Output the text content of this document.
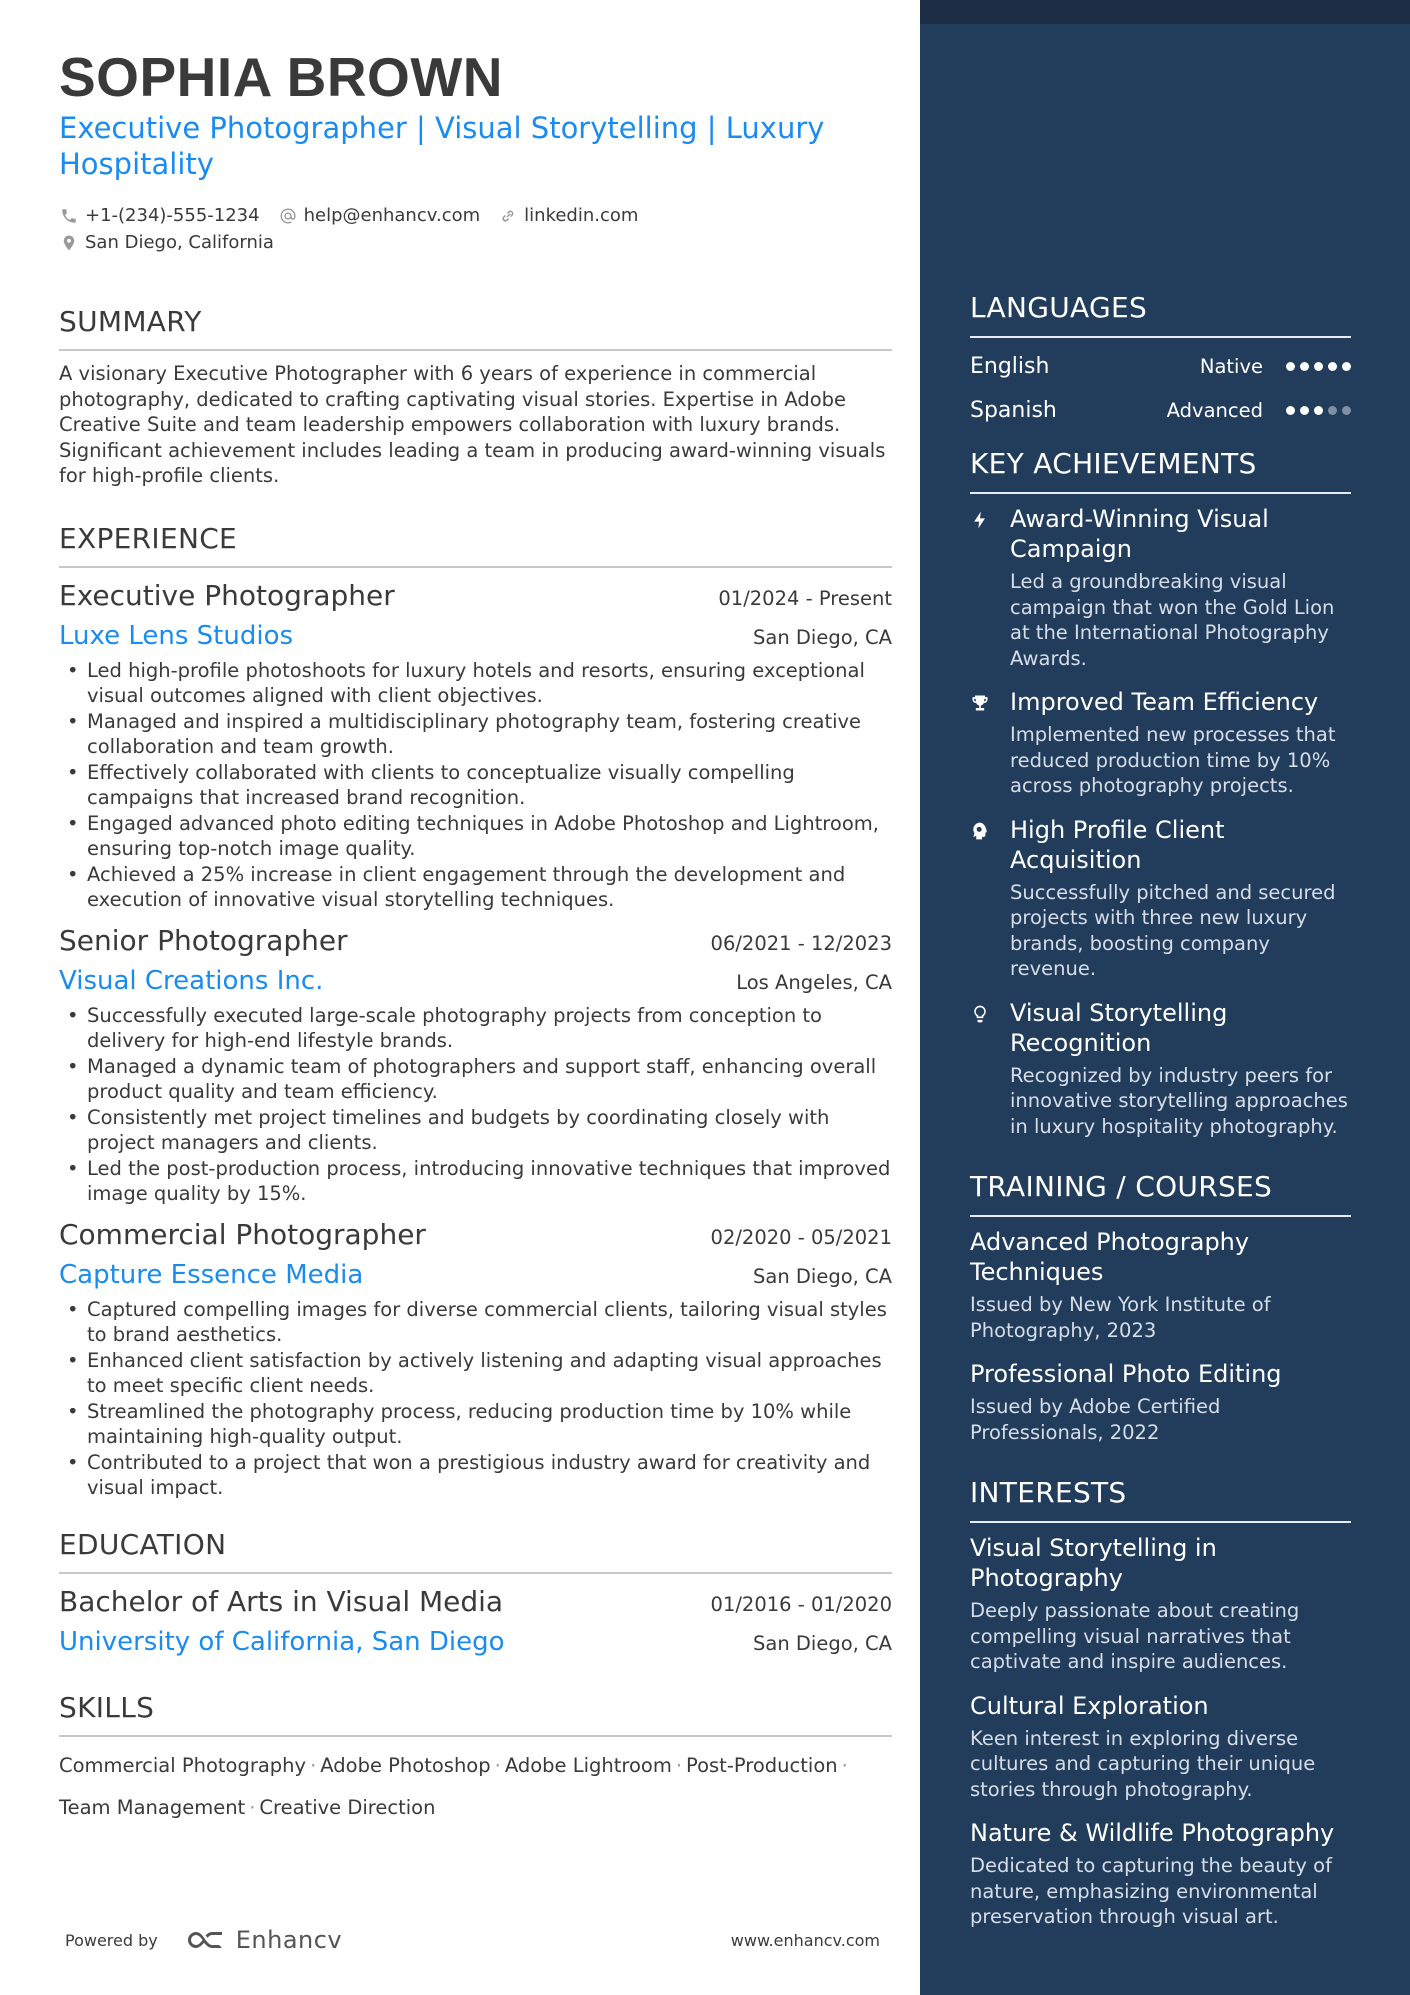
SOPHIA BROWN
Executive Photographer | Visual Storytelling | Luxury Hospitality
+1-(234)-555-1234 help@enhancv.com linkedin.com
San Diego, California
SUMMARY
A visionary Executive Photographer with 6 years of experience in commercial photography, dedicated to crafting captivating visual stories. Expertise in Adobe Creative Suite and team leadership empowers collaboration with luxury brands. Significant achievement includes leading a team in producing award-winning visuals for high-profile clients.
EXPERIENCE
Executive Photographer	01/2024 - Present
Luxe Lens Studios	San Diego, CA
• Led high-profile photoshoots for luxury hotels and resorts, ensuring exceptional visual outcomes aligned with client objectives.
• Managed and inspired a multidisciplinary photography team, fostering creative collaboration and team growth.
• Effectively collaborated with clients to conceptualize visually compelling campaigns that increased brand recognition.
• Engaged advanced photo editing techniques in Adobe Photoshop and Lightroom, ensuring top-notch image quality.
• Achieved a 25% increase in client engagement through the development and execution of innovative visual storytelling techniques.
Senior Photographer	06/2021 - 12/2023
Visual Creations Inc.	Los Angeles, CA
• Successfully executed large-scale photography projects from conception to delivery for high-end lifestyle brands.
• Managed a dynamic team of photographers and support staff, enhancing overall product quality and team efficiency.
• Consistently met project timelines and budgets by coordinating closely with project managers and clients.
• Led the post-production process, introducing innovative techniques that improved image quality by 15%.
Commercial Photographer	02/2020 - 05/2021
Capture Essence Media	San Diego, CA
• Captured compelling images for diverse commercial clients, tailoring visual styles to brand aesthetics.
• Enhanced client satisfaction by actively listening and adapting visual approaches to meet specific client needs.
• Streamlined the photography process, reducing production time by 10% while maintaining high-quality output.
• Contributed to a project that won a prestigious industry award for creativity and visual impact.
EDUCATION
Bachelor of Arts in Visual Media	01/2016 - 01/2020
University of California, San Diego	San Diego, CA
SKILLS
Commercial Photography · Adobe Photoshop · Adobe Lightroom · Post-Production ·
Team Management · Creative Direction
Powered by	Enhancv	www.enhancv.com
LANGUAGES
English	Native
Spanish	Advanced
KEY ACHIEVEMENTS
Award-Winning Visual Campaign
Led a groundbreaking visual campaign that won the Gold Lion at the International Photography Awards.
Improved Team Efficiency
Implemented new processes that reduced production time by 10% across photography projects.
High Profile Client Acquisition
Successfully pitched and secured projects with three new luxury brands, boosting company revenue.
Visual Storytelling Recognition
Recognized by industry peers for innovative storytelling approaches in luxury hospitality photography.
TRAINING / COURSES
Advanced Photography Techniques
Issued by New York Institute of Photography, 2023
Professional Photo Editing
Issued by Adobe Certified Professionals, 2022
INTERESTS
Visual Storytelling in Photography
Deeply passionate about creating compelling visual narratives that captivate and inspire audiences.
Cultural Exploration
Keen interest in exploring diverse cultures and capturing their unique stories through photography.
Nature & Wildlife Photography
Dedicated to capturing the beauty of nature, emphasizing environmental preservation through visual art.
